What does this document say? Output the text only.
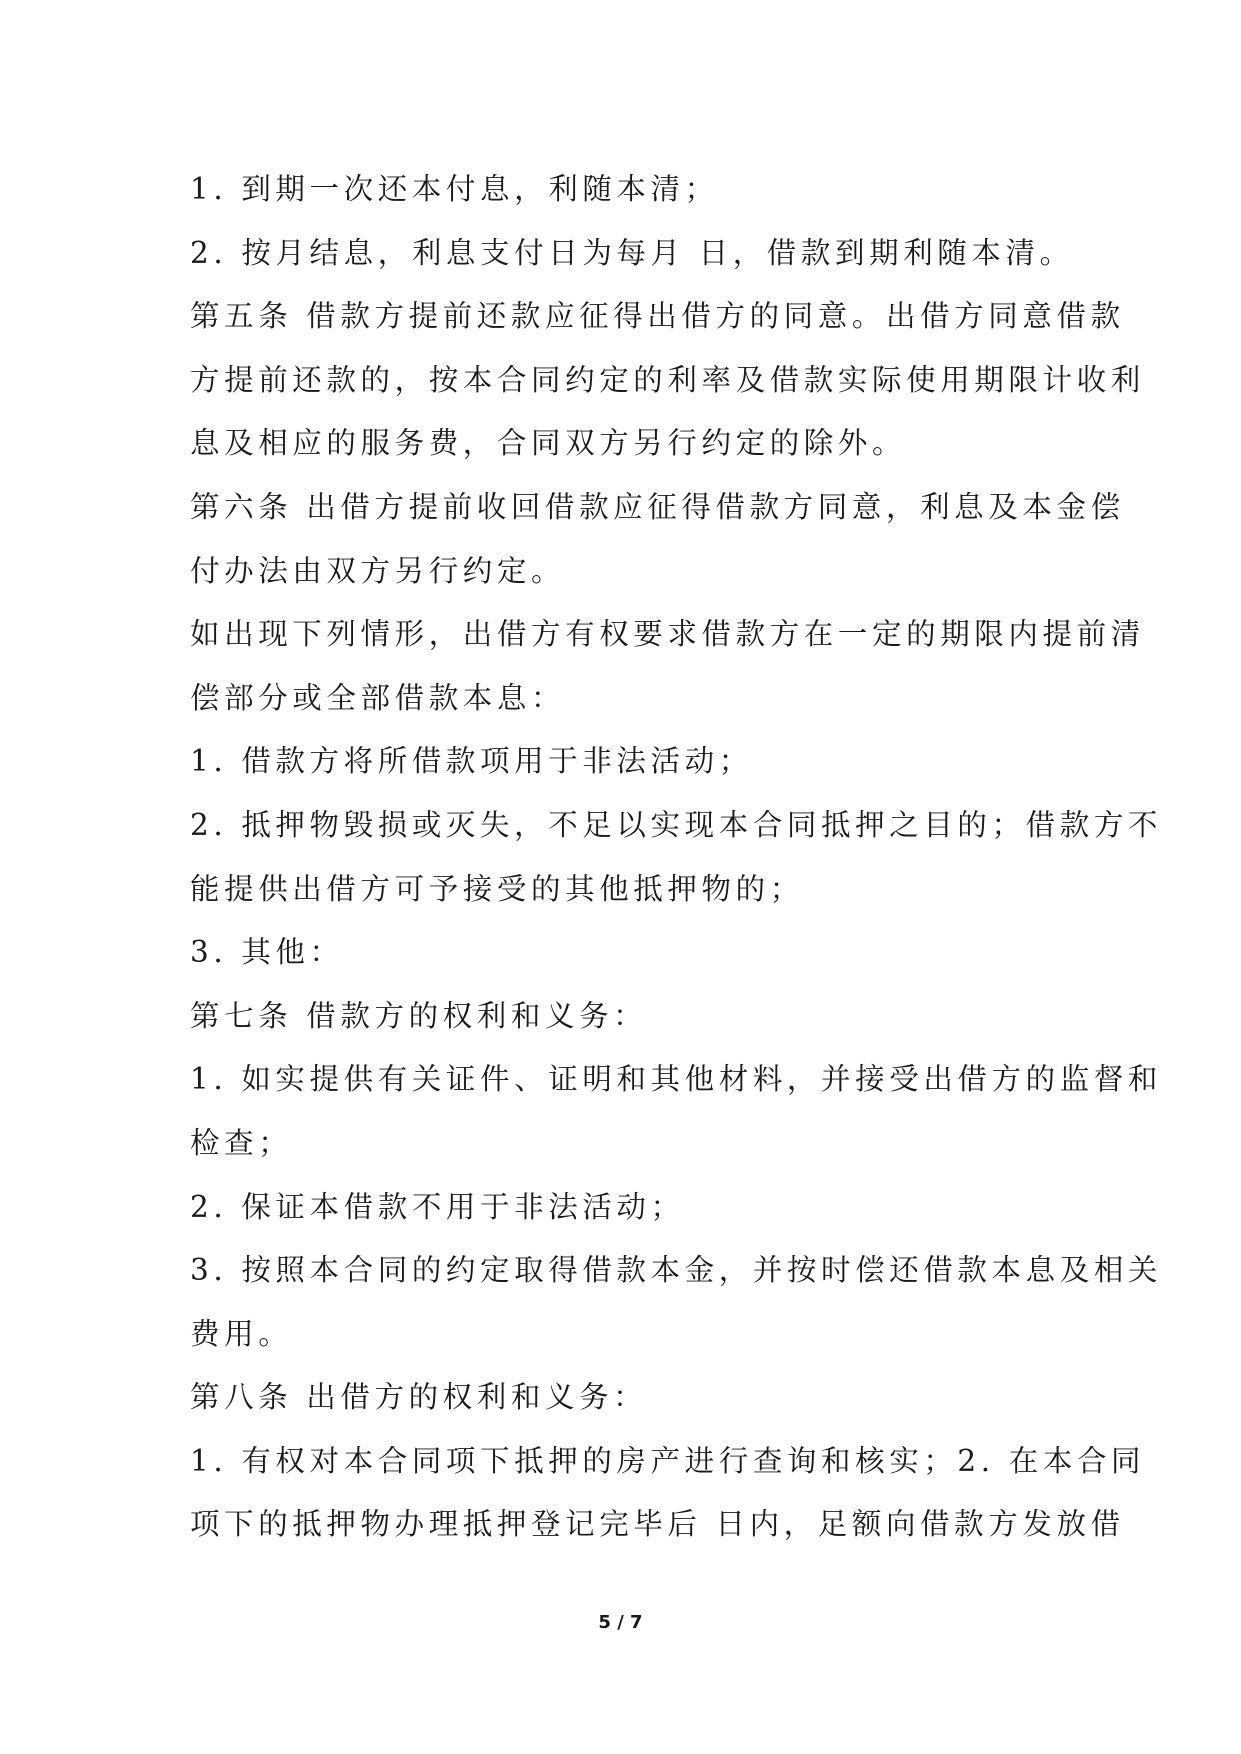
1. 到期一次还本付息，利随本清；
2. 按月结息，利息支付日为每月 日，借款到期利随本清。
第五条 借款方提前还款应征得出借方的同意。出借方同意借款
方提前还款的，按本合同约定的利率及借款实际使用期限计收利
息及相应的服务费，合同双方另行约定的除外。
第六条 出借方提前收回借款应征得借款方同意，利息及本金偿
付办法由双方另行约定。
如出现下列情形，出借方有权要求借款方在一定的期限内提前清
偿部分或全部借款本息：
1. 借款方将所借款项用于非法活动；
2. 抵押物毁损或灭失，不足以实现本合同抵押之目的；借款方不
能提供出借方可予接受的其他抵押物的；
3. 其他：
第七条 借款方的权利和义务：
1. 如实提供有关证件、证明和其他材料，并接受出借方的监督和
检查；
2. 保证本借款不用于非法活动；
3. 按照本合同的约定取得借款本金，并按时偿还借款本息及相关
费用。
第八条 出借方的权利和义务：
1. 有权对本合同项下抵押的房产进行查询和核实；2. 在本合同
项下的抵押物办理抵押登记完毕后 日内，足额向借款方发放借
5 / 7
